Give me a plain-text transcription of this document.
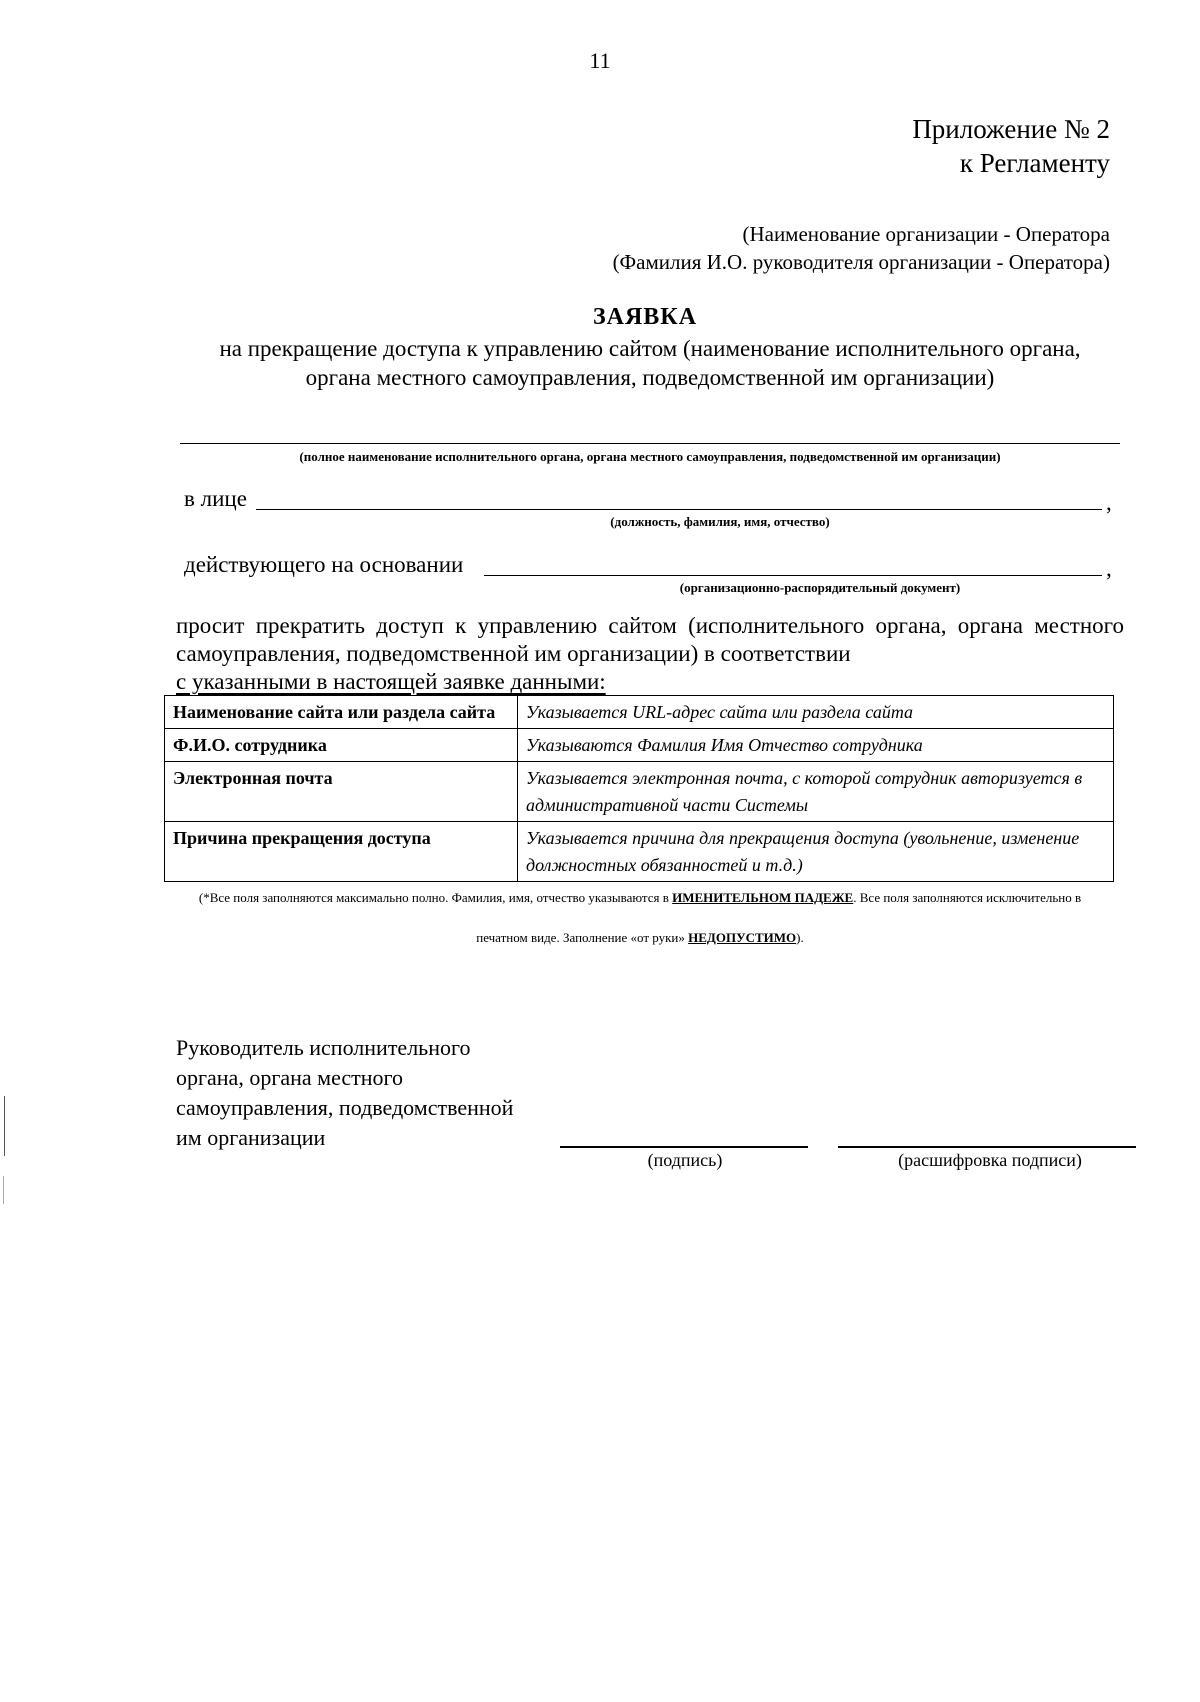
11
Приложение № 2
к Регламенту
(Наименование организации - Оператора
(Фамилия И.О. руководителя организации - Оператора)
ЗАЯВКА
на прекращение доступа к управлению сайтом (наименование исполнительного органа,
органа местного самоуправления, подведомственной им организации)
(полное наименование исполнительного органа, органа местного самоуправления, подведомственной им организации)
в лице	,
(должность, фамилия, имя, отчество)
действующего на основании	,
(организационно-распорядительный документ)
просит прекратить доступ к управлению сайтом (исполнительного органа, органа местного самоуправления, подведомственной им организации) в соответствии
с указанными в настоящей заявке данными:
Наименование сайта или раздела сайта	Указывается URL-адрес сайта или раздела сайта
Ф.И.О. сотрудника	Указываются Фамилия Имя Отчество сотрудника
Электронная почта	Указывается электронная почта, с которой сотрудник авторизуется в административной части Системы
Причина прекращения доступа	Указывается причина для прекращения доступа (увольнение, изменение должностных обязанностей и т.д.)
(*Все поля заполняются максимально полно. Фамилия, имя, отчество указываются в ИМЕНИТЕЛЬНОМ ПАДЕЖЕ. Все поля заполняются исключительно в печатном виде. Заполнение «от руки» НЕДОПУСТИМО).
Руководитель исполнительного
органа, органа местного
самоуправления, подведомственной
им организации
(подпись)	(расшифровка подписи)
